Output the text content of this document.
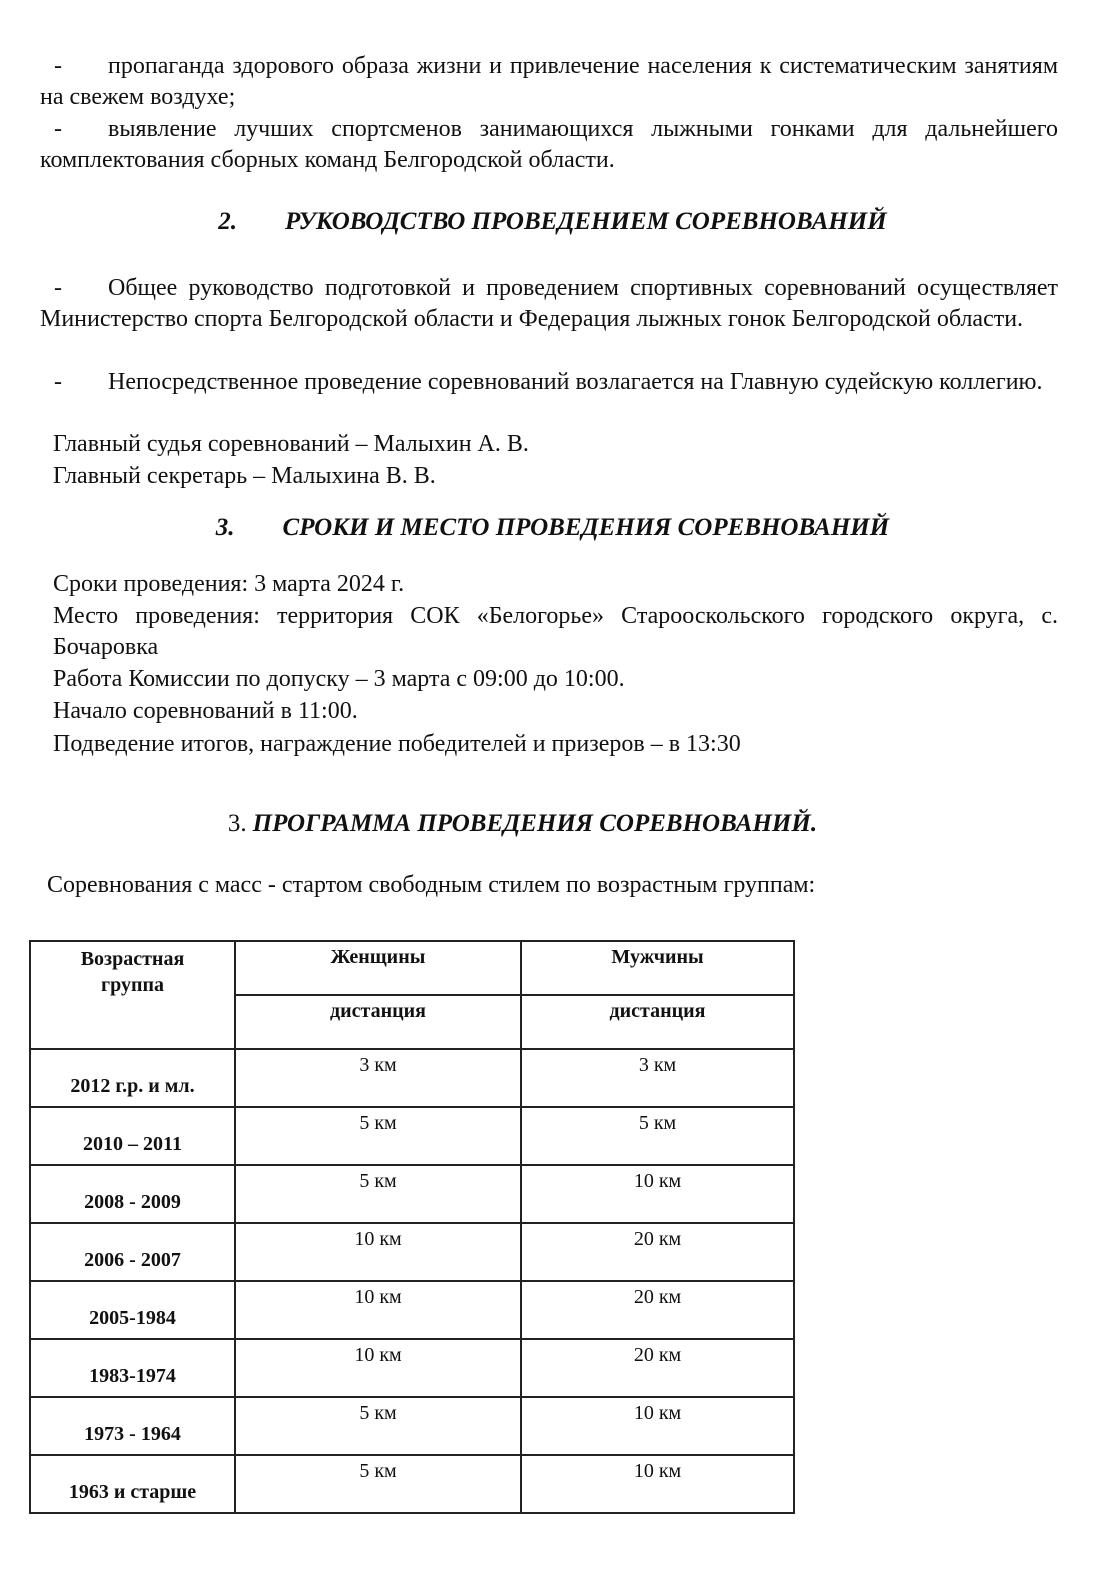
- пропаганда здорового образа жизни и привлечение населения к систематическим занятиям на свежем воздухе;
- выявление лучших спортсменов занимающихся лыжными гонками для дальнейшего комплектования сборных команд Белгородской области.
2. РУКОВОДСТВО ПРОВЕДЕНИЕМ СОРЕВНОВАНИЙ
- Общее руководство подготовкой и проведением спортивных соревнований осуществляет Министерство спорта Белгородской области и Федерация лыжных гонок Белгородской области.
- Непосредственное проведение соревнований возлагается на Главную судейскую коллегию.
Главный судья соревнований – Малыхин А. В.
Главный секретарь – Малыхина В. В.
3. СРОКИ И МЕСТО ПРОВЕДЕНИЯ СОРЕВНОВАНИЙ
Сроки проведения: 3 марта 2024 г.
Место проведения: территория СОК «Белогорье» Старооскольского городского округа, с. Бочаровка
Работа Комиссии по допуску – 3 марта с 09:00 до 10:00.
Начало соревнований в 11:00.
Подведение итогов, награждение победителей и призеров – в 13:30
3. ПРОГРАММА ПРОВЕДЕНИЯ СОРЕВНОВАНИЙ.
Соревнования с масс - стартом свободным стилем по возрастным группам:
Возрастная
группа	Женщины	Мужчины
	дистанция	дистанция
2012 г.р. и мл.	3 км	3 км
2010 – 2011	5 км	5 км
2008 - 2009	5 км	10 км
2006 - 2007	10 км	20 км
2005-1984	10 км	20 км
1983-1974	10 км	20 км
1973 - 1964	5 км	10 км
1963 и старше	5 км	10 км
